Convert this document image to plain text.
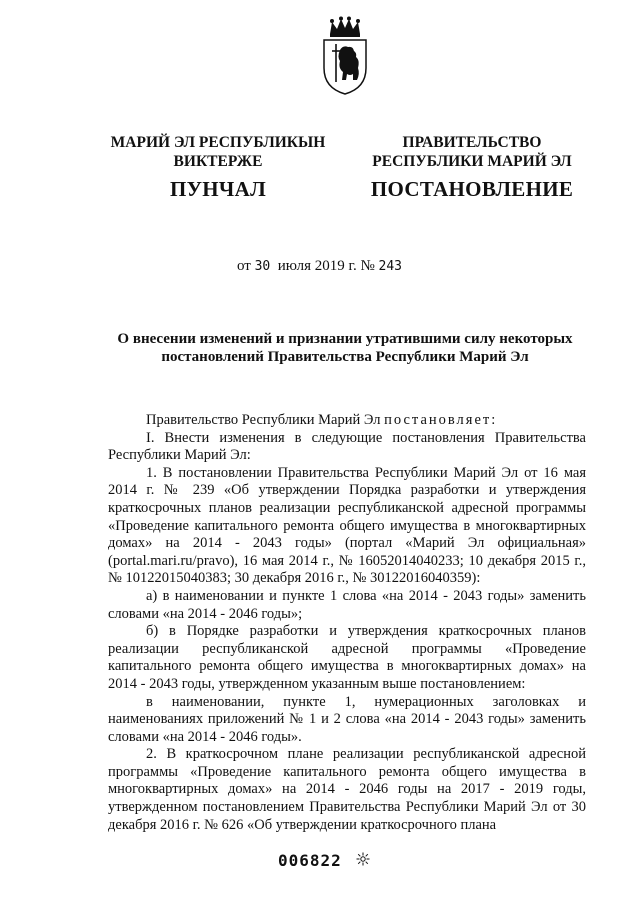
МАРИЙ ЭЛ РЕСПУБЛИКЫН
ВИКТЕРЖЕ
ПУНЧАЛ
ПРАВИТЕЛЬСТВО
РЕСПУБЛИКИ МАРИЙ ЭЛ
ПОСТАНОВЛЕНИЕ
от 30 июля 2019 г. № 243
О внесении изменений и признании утратившими силу некоторых
постановлений Правительства Республики Марий Эл

Правительство Республики Марий Эл постановляет:

I. Внести изменения в следующие постановления Правительства Республики Марий Эл:

1. В постановлении Правительства Республики Марий Эл от 16 мая 2014 г. № 239 «Об утверждении Порядка разработки и утверждения краткосрочных планов реализации республиканской адресной программы «Проведение капитального ремонта общего имущества в многоквартирных домах» на 2014 - 2043 годы» (портал «Марий Эл официальная» (portal.mari.ru/pravo), 16 мая 2014 г., № 16052014040233; 10 декабря 2015 г., № 10122015040383; 30 декабря 2016 г., № 30122016040359):

а) в наименовании и пункте 1 слова «на 2014 - 2043 годы» заменить словами «на 2014 - 2046 годы»;

б) в Порядке разработки и утверждения краткосрочных планов реализации республиканской адресной программы «Проведение капитального ремонта общего имущества в многоквартирных домах» на 2014 - 2043 годы, утвержденном указанным выше постановлением:

в наименовании, пункте 1, нумерационных заголовках и наименованиях приложений № 1 и 2 слова «на 2014 - 2043 годы» заменить словами «на 2014 - 2046 годы».

2. В краткосрочном плане реализации республиканской адресной программы «Проведение капитального ремонта общего имущества в многоквартирных домах» на 2014 - 2046 годы на 2017 - 2019 годы, утвержденном постановлением Правительства Республики Марий Эл от 30 декабря 2016 г. № 626 «Об утверждении краткосрочного плана

006822
